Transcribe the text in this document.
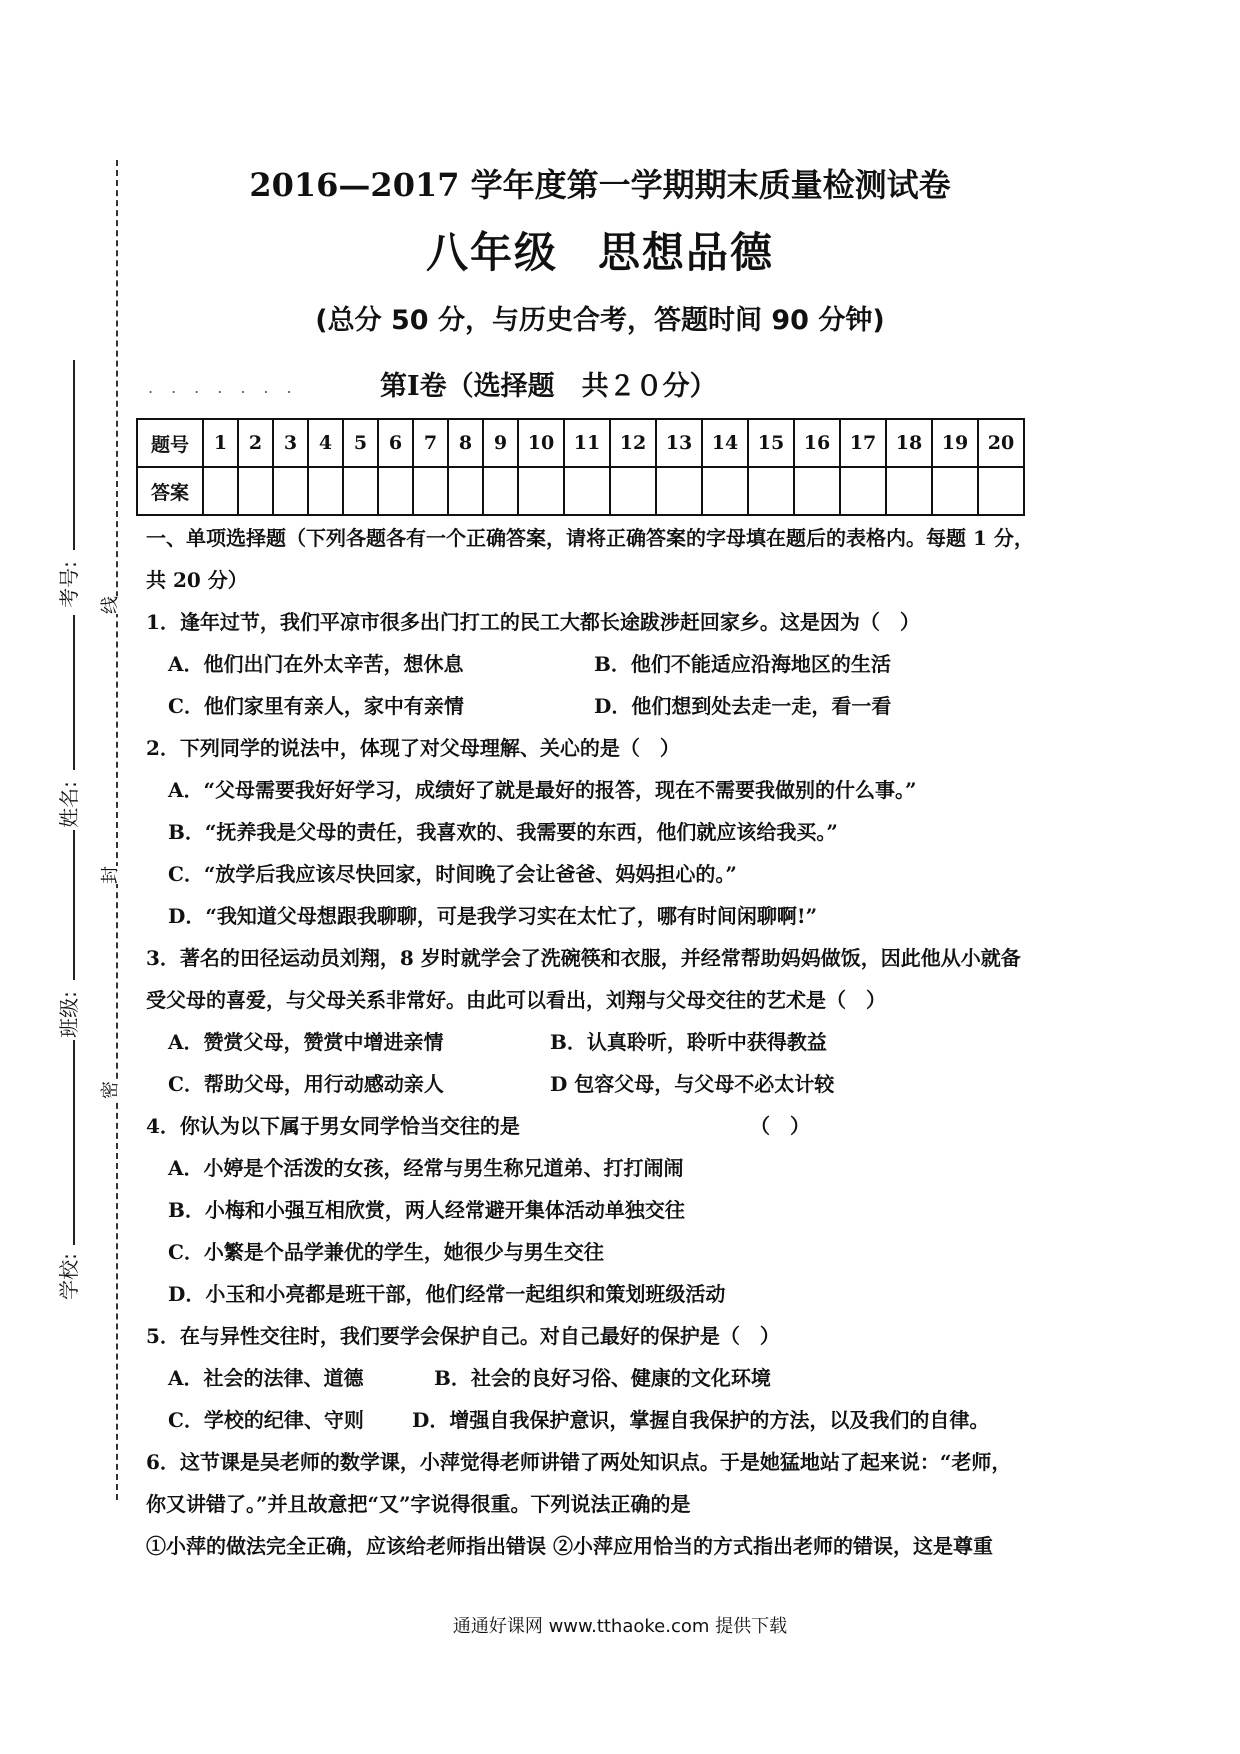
线
封
密
考号:
姓名:
班级:
学校:
2016—2017 学年度第一学期期末质量检测试卷
八年级 思想品德
(总分 50 分，与历史合考，答题时间 90 分钟)
.......	第Ⅰ卷（选择题　共２０分）
题号	1	2	3	4	5	6	7	8	9	10	11	12	13	14	15	16	17	18	19	20
答案																				
一、单项选择题（下列各题各有一个正确答案，请将正确答案的字母填在题后的表格内。每题 1 分，
共 20 分）
1．逢年过节，我们平凉市很多出门打工的民工大都长途跋涉赶回家乡。这是因为（　）
A．他们出门在外太辛苦，想休息	B．他们不能适应沿海地区的生活
C．他们家里有亲人，家中有亲情	D．他们想到处去走一走，看一看
2．下列同学的说法中，体现了对父母理解、关心的是（　）
A．“父母需要我好好学习，成绩好了就是最好的报答，现在不需要我做别的什么事。”
B．“抚养我是父母的责任，我喜欢的、我需要的东西，他们就应该给我买。”
C．“放学后我应该尽快回家，时间晚了会让爸爸、妈妈担心的。”
D．“我知道父母想跟我聊聊，可是我学习实在太忙了，哪有时间闲聊啊!”
3．著名的田径运动员刘翔，8 岁时就学会了洗碗筷和衣服，并经常帮助妈妈做饭，因此他从小就备
受父母的喜爱，与父母关系非常好。由此可以看出，刘翔与父母交往的艺术是（　）
A．赞赏父母，赞赏中增进亲情	B．认真聆听，聆听中获得教益
C．帮助父母，用行动感动亲人	D 包容父母，与父母不必太计较
4．你认为以下属于男女同学恰当交往的是	（　）
A．小婷是个活泼的女孩，经常与男生称兄道弟、打打闹闹
B．小梅和小强互相欣赏，两人经常避开集体活动单独交往
C．小繁是个品学兼优的学生，她很少与男生交往
D．小玉和小亮都是班干部，他们经常一起组织和策划班级活动
5．在与异性交往时，我们要学会保护自己。对自己最好的保护是（　）
A．社会的法律、道德	B．社会的良好习俗、健康的文化环境
C．学校的纪律、守则 D．增强自我保护意识，掌握自我保护的方法，以及我们的自律。
6．这节课是吴老师的数学课，小萍觉得老师讲错了两处知识点。于是她猛地站了起来说：“老师，
你又讲错了。”并且故意把“又”字说得很重。下列说法正确的是
①小萍的做法完全正确，应该给老师指出错误 ②小萍应用恰当的方式指出老师的错误，这是尊重
通通好课网 www.tthaoke.com 提供下载
